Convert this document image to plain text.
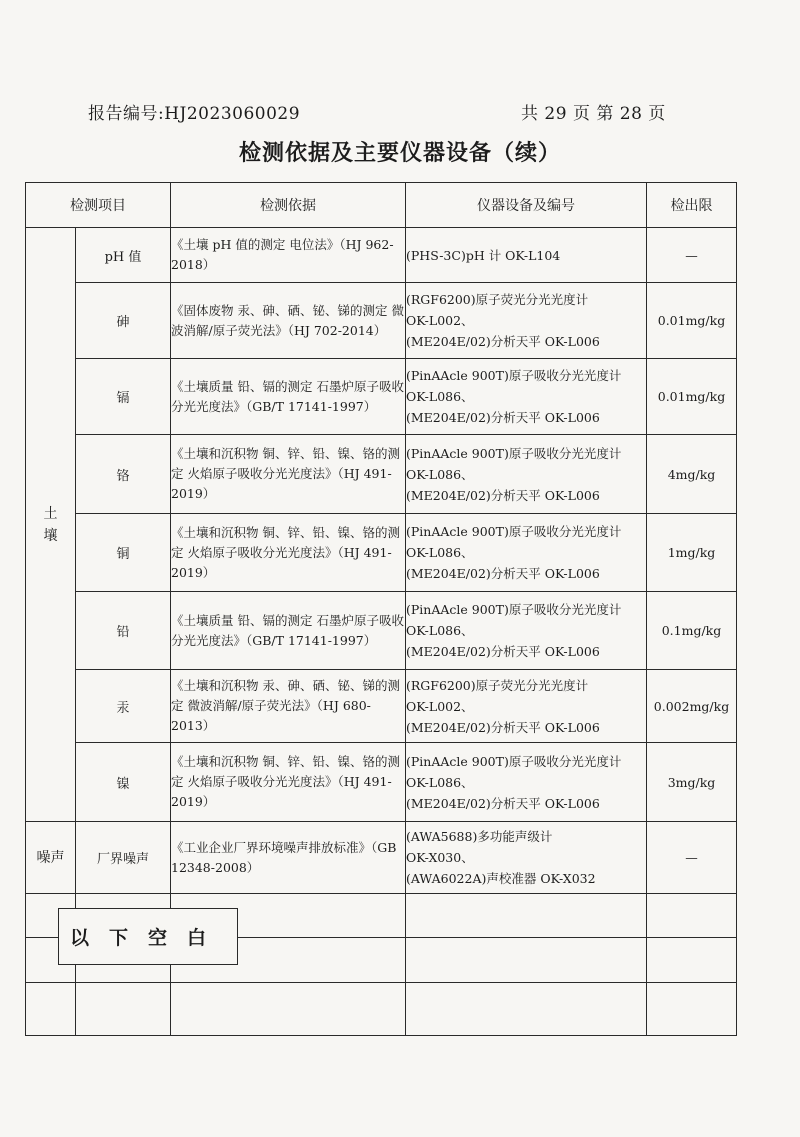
报告编号:HJ2023060029	共 29 页 第 28 页
检测依据及主要仪器设备（续）
检测项目		检测依据	仪器设备及编号	检出限

土
壤	pH 值	《土壤 pH 值的测定 电位法》（HJ 962-2018）	(PHS-3C)pH 计 OK-L104	—
	砷	《固体废物 汞、砷、硒、铋、锑的测定 微波消解/原子荧光法》（HJ 702-2014）	(RGF6200)原子荧光分光光度计
OK-L002、
(ME204E/02)分析天平 OK-L006	0.01mg/kg
	镉	《土壤质量 铅、镉的测定 石墨炉原子吸收分光光度法》（GB/T 17141-1997）	(PinAAcle 900T)原子吸收分光光度计
OK-L086、
(ME204E/02)分析天平 OK-L006	0.01mg/kg
	铬	《土壤和沉积物 铜、锌、铅、镍、铬的测定 火焰原子吸收分光光度法》（HJ 491-2019）	(PinAAcle 900T)原子吸收分光光度计
OK-L086、
(ME204E/02)分析天平 OK-L006	4mg/kg
	铜	《土壤和沉积物 铜、锌、铅、镍、铬的测定 火焰原子吸收分光光度法》（HJ 491-2019）	(PinAAcle 900T)原子吸收分光光度计
OK-L086、
(ME204E/02)分析天平 OK-L006	1mg/kg
	铅	《土壤质量 铅、镉的测定 石墨炉原子吸收分光光度法》（GB/T 17141-1997）	(PinAAcle 900T)原子吸收分光光度计
OK-L086、
(ME204E/02)分析天平 OK-L006	0.1mg/kg
	汞	《土壤和沉积物 汞、砷、硒、铋、锑的测定 微波消解/原子荧光法》（HJ 680-2013）	(RGF6200)原子荧光分光光度计
OK-L002、
(ME204E/02)分析天平 OK-L006	0.002mg/kg
	镍	《土壤和沉积物 铜、锌、铅、镍、铬的测定 火焰原子吸收分光光度法》（HJ 491-2019）	(PinAAcle 900T)原子吸收分光光度计
OK-L086、
(ME204E/02)分析天平 OK-L006	3mg/kg
噪声	厂界噪声	《工业企业厂界环境噪声排放标准》（GB 12348-2008）	(AWA5688)多功能声级计
OK-X030、
(AWA6022A)声校准器 OK-X032	—

以下空白
